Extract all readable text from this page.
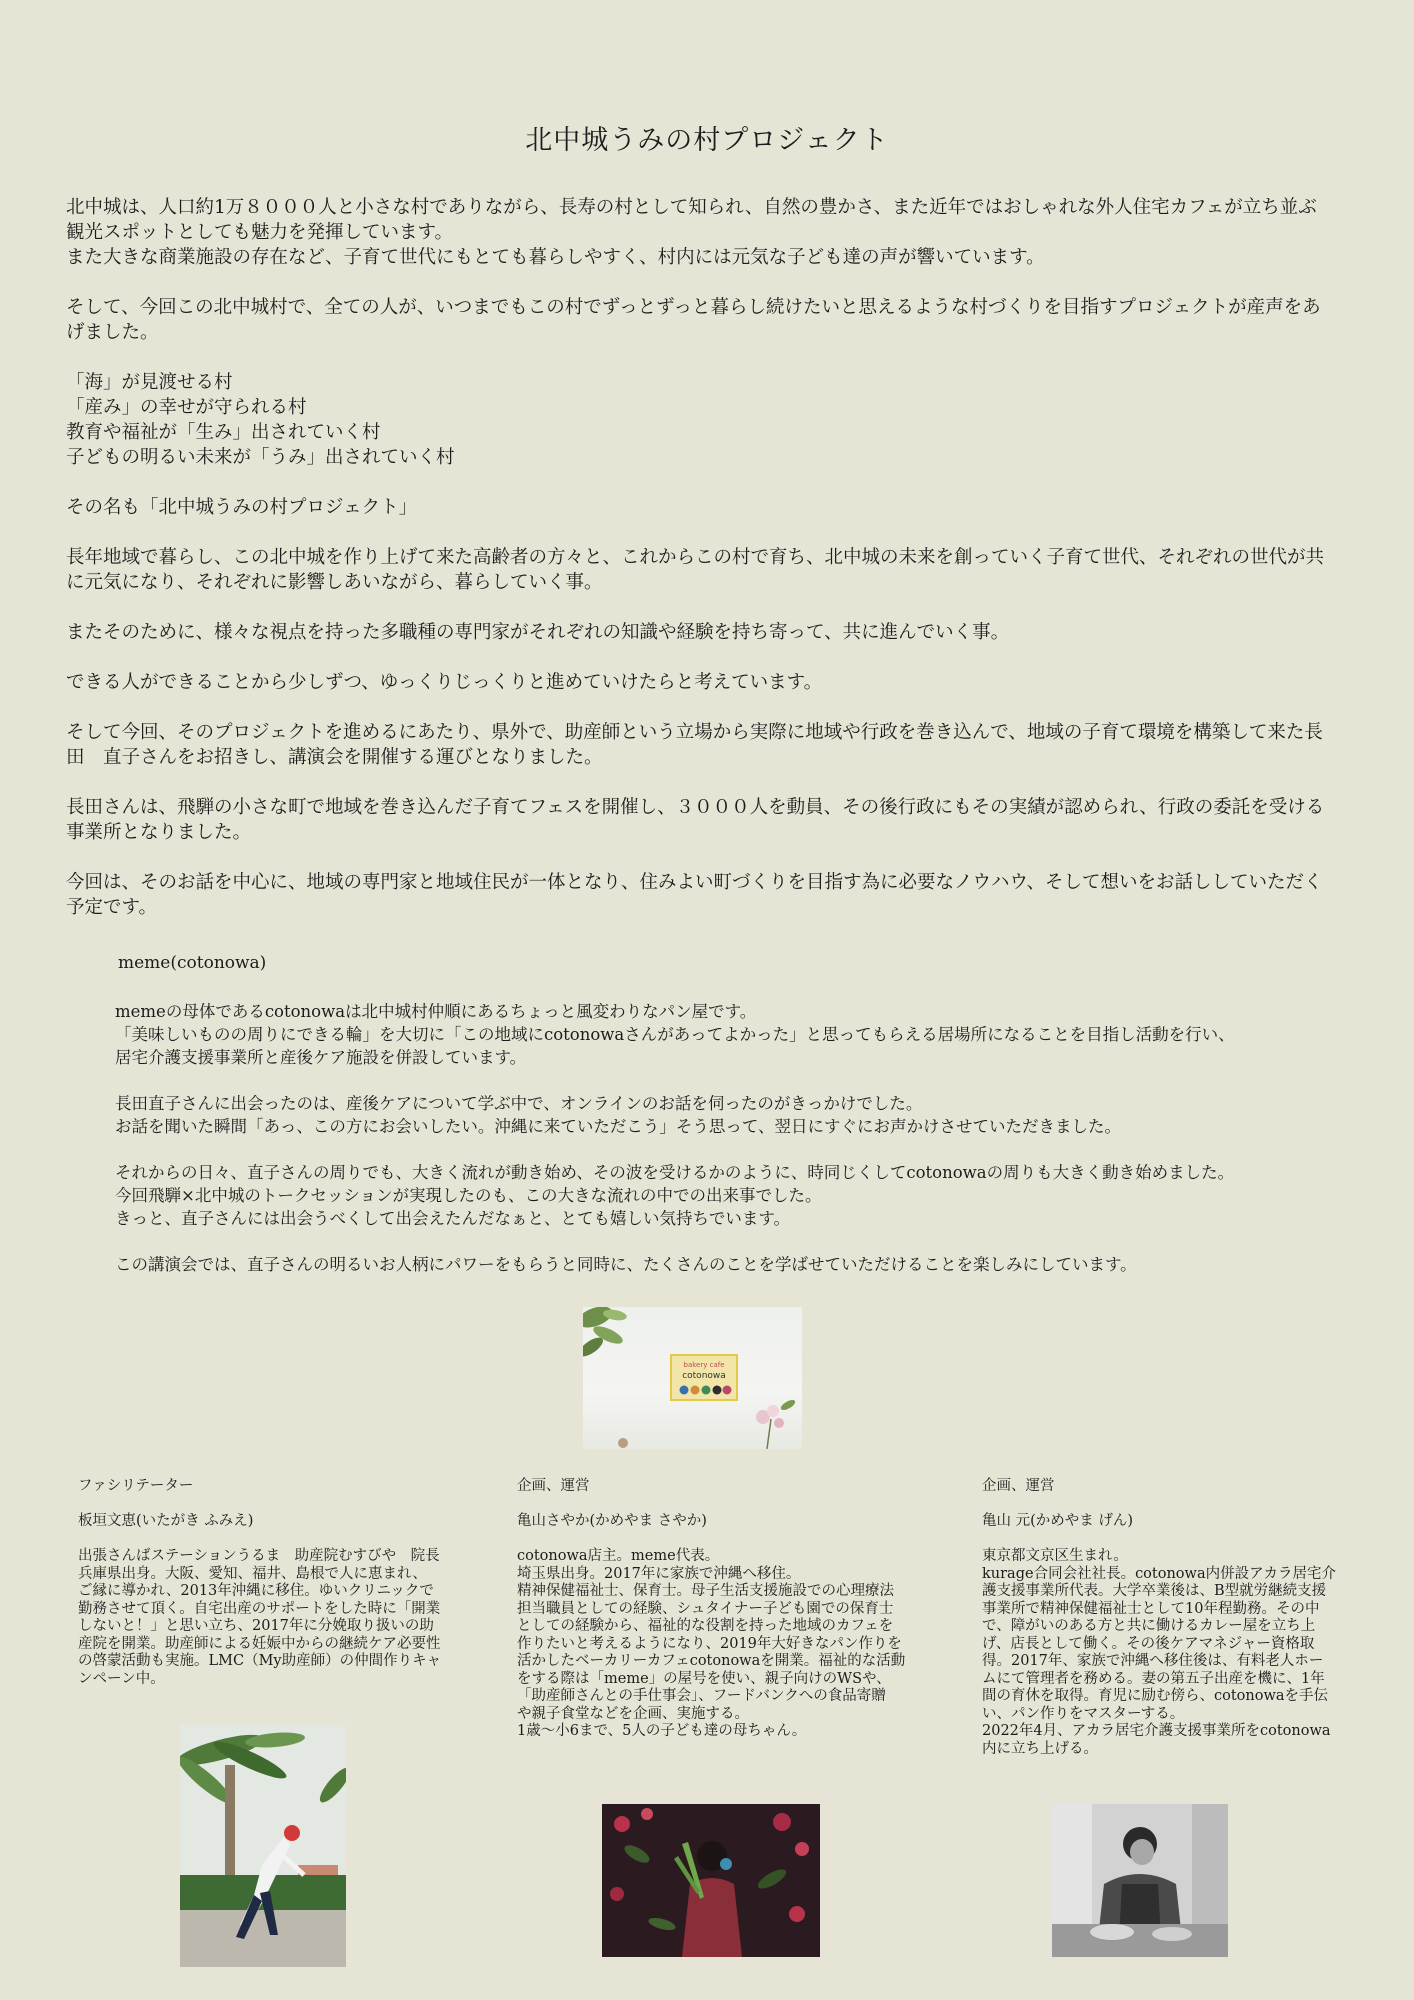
北中城うみの村プロジェクト

北中城は、人口約1万８０００人と小さな村でありながら、長寿の村として知られ、自然の豊かさ、また近年ではおしゃれな外人住宅カフェが立ち並ぶ観光スポットとしても魅力を発揮しています。
また大きな商業施設の存在など、子育て世代にもとても暮らしやすく、村内には元気な子ども達の声が響いています。

そして、今回この北中城村で、全ての人が、いつまでもこの村でずっとずっと暮らし続けたいと思えるような村づくりを目指すプロジェクトが産声をあげました。

「海」が見渡せる村
「産み」の幸せが守られる村
教育や福祉が「生み」出されていく村
子どもの明るい未来が「うみ」出されていく村

その名も「北中城うみの村プロジェクト」

長年地域で暮らし、この北中城を作り上げて来た高齢者の方々と、これからこの村で育ち、北中城の未来を創っていく子育て世代、それぞれの世代が共に元気になり、それぞれに影響しあいながら、暮らしていく事。

またそのために、様々な視点を持った多職種の専門家がそれぞれの知識や経験を持ち寄って、共に進んでいく事。

できる人ができることから少しずつ、ゆっくりじっくりと進めていけたらと考えています。

そして今回、そのプロジェクトを進めるにあたり、県外で、助産師という立場から実際に地域や行政を巻き込んで、地域の子育て環境を構築して来た長田　直子さんをお招きし、講演会を開催する運びとなりました。

長田さんは、飛騨の小さな町で地域を巻き込んだ子育てフェスを開催し、３０００人を動員、その後行政にもその実績が認められ、行政の委託を受ける事業所となりました。

今回は、そのお話を中心に、地域の専門家と地域住民が一体となり、住みよい町づくりを目指す為に必要なノウハウ、そして想いをお話ししていただく予定です。

meme(cotonowa)

memeの母体であるcotonowaは北中城村仲順にあるちょっと風変わりなパン屋です。
「美味しいものの周りにできる輪」を大切に「この地域にcotonowaさんがあってよかった」と思ってもらえる居場所になることを目指し活動を行い、
居宅介護支援事業所と産後ケア施設を併設しています。

長田直子さんに出会ったのは、産後ケアについて学ぶ中で、オンラインのお話を伺ったのがきっかけでした。
お話を聞いた瞬間「あっ、この方にお会いしたい。沖縄に来ていただこう」そう思って、翌日にすぐにお声かけさせていただきました。

それからの日々、直子さんの周りでも、大きく流れが動き始め、その波を受けるかのように、時同じくしてcotonowaの周りも大きく動き始めました。
今回飛騨×北中城のトークセッションが実現したのも、この大きな流れの中での出来事でした。
きっと、直子さんには出会うべくして出会えたんだなぁと、とても嬉しい気持ちでいます。

この講演会では、直子さんの明るいお人柄にパワーをもらうと同時に、たくさんのことを学ばせていただけることを楽しみにしています。

bakery cafe
cotonowa
ファシリテーター
板垣文恵(いたがき ふみえ)
出張さんばステーションうるま　助産院むすびや　院長
兵庫県出身。大阪、愛知、福井、島根で人に恵まれ、
ご縁に導かれ、2013年沖縄に移住。ゆいクリニックで
勤務させて頂く。自宅出産のサポートをした時に「開業
しないと！」と思い立ち、2017年に分娩取り扱いの助
産院を開業。助産師による妊娠中からの継続ケア必要性
の啓蒙活動も実施。LMC（My助産師）の仲間作りキャ
ンペーン中。
企画、運営
亀山さやか(かめやま さやか)
cotonowa店主。meme代表。
埼玉県出身。2017年に家族で沖縄へ移住。
精神保健福祉士、保育士。母子生活支援施設での心理療法
担当職員としての経験、シュタイナー子ども園での保育士
としての経験から、福祉的な役割を持った地域のカフェを
作りたいと考えるようになり、2019年大好きなパン作りを
活かしたベーカリーカフェcotonowaを開業。福祉的な活動
をする際は「meme」の屋号を使い、親子向けのWSや、
「助産師さんとの手仕事会」、フードバンクへの食品寄贈
や親子食堂などを企画、実施する。
1歳〜小6まで、5人の子ども達の母ちゃん。
企画、運営
亀山 元(かめやま げん)
東京都文京区生まれ。
kurage合同会社社長。cotonowa内併設アカラ居宅介
護支援事業所代表。大学卒業後は、B型就労継続支援
事業所で精神保健福祉士として10年程勤務。その中
で、障がいのある方と共に働けるカレー屋を立ち上
げ、店長として働く。その後ケアマネジャー資格取
得。2017年、家族で沖縄へ移住後は、有料老人ホー
ムにて管理者を務める。妻の第五子出産を機に、1年
間の育休を取得。育児に励む傍ら、cotonowaを手伝
い、パン作りをマスターする。
2022年4月、アカラ居宅介護支援事業所をcotonowa
内に立ち上げる。
